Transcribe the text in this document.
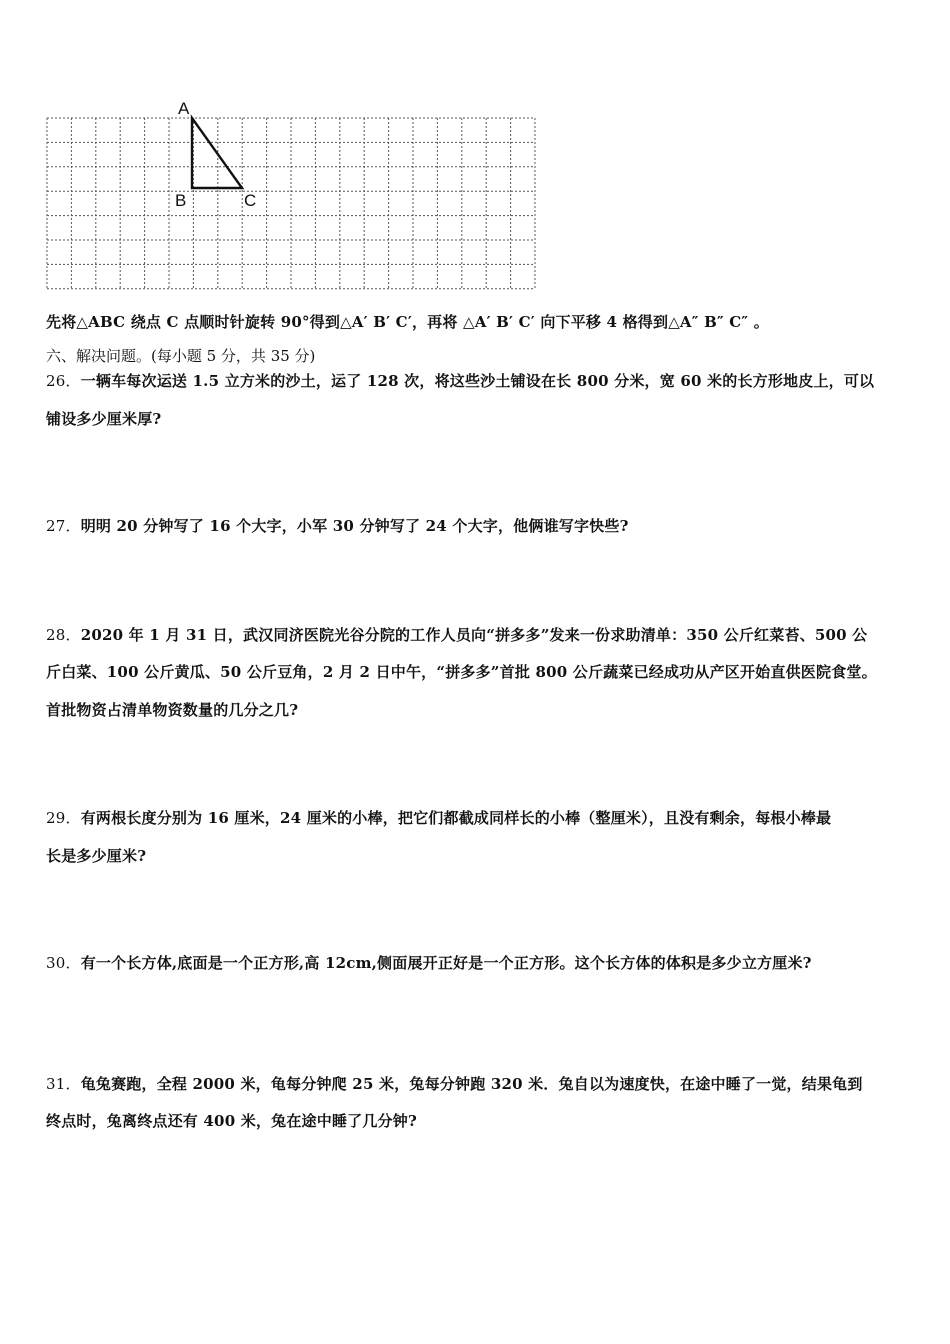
A
B	C
先将△ABC 绕点 C 点顺时针旋转 90°得到△A′ B′ C′，再将 △A′ B′ C′ 向下平移 4 格得到△A″ B″ C″ 。
六、解决问题。(每小题 5 分，共 35 分)
26．一辆车每次运送 1.5 立方米的沙土，运了 128 次，将这些沙土铺设在长 800 分米，宽 60 米的长方形地皮上，可以
铺设多少厘米厚?
27．明明 20 分钟写了 16 个大字，小军 30 分钟写了 24 个大字，他俩谁写字快些?
28．2020 年 1 月 31 日，武汉同济医院光谷分院的工作人员向“拼多多”发来一份求助清单：350 公斤红菜苔、500 公
斤白菜、100 公斤黄瓜、50 公斤豆角，2 月 2 日中午，“拼多多”首批 800 公斤蔬菜已经成功从产区开始直供医院食堂。
首批物资占清单物资数量的几分之几?
29．有两根长度分别为 16 厘米，24 厘米的小棒，把它们都截成同样长的小棒（整厘米），且没有剩余，每根小棒最
长是多少厘米?
30．有一个长方体,底面是一个正方形,高 12cm,侧面展开正好是一个正方形。这个长方体的体积是多少立方厘米?
31．龟兔赛跑，全程 2000 米，龟每分钟爬 25 米，兔每分钟跑 320 米．兔自以为速度快，在途中睡了一觉，结果龟到
终点时，兔离终点还有 400 米，兔在途中睡了几分钟?
